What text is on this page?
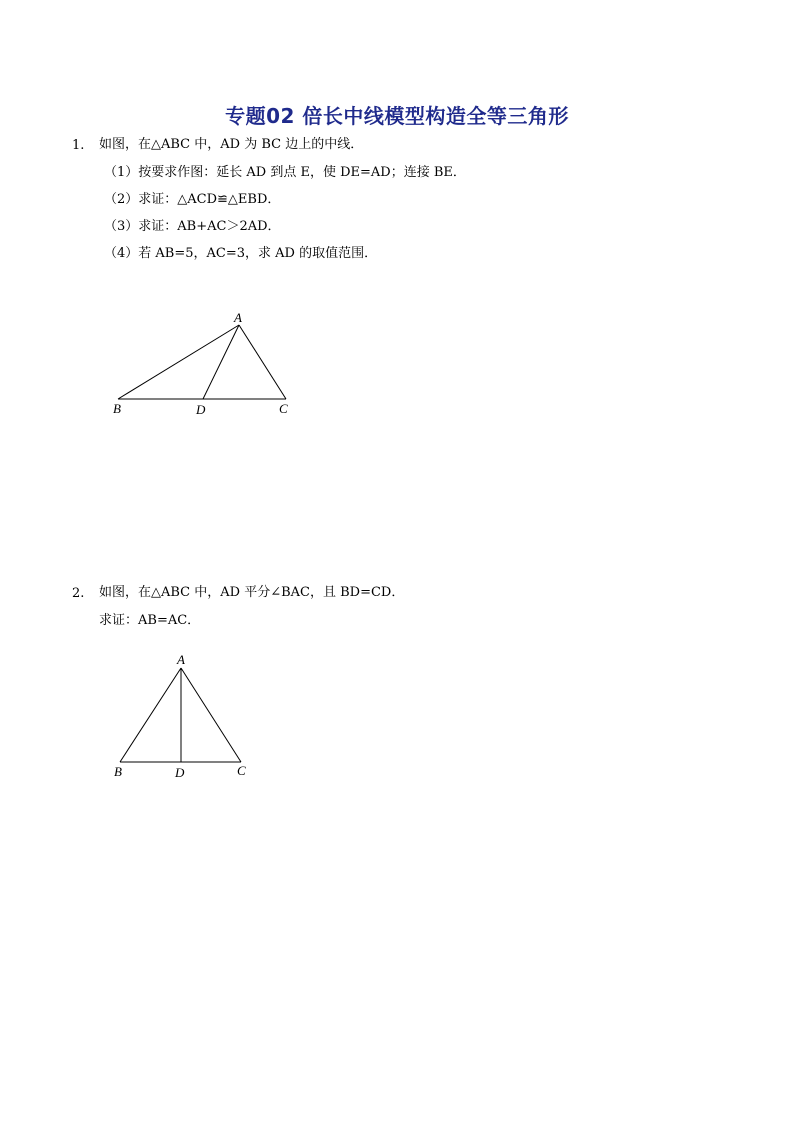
专题02 倍长中线模型构造全等三角形
1. 如图，在△ABC 中，AD 为 BC 边上的中线．
（1）按要求作图：延长 AD 到点 E，使 DE=AD；连接 BE．
（2）求证：△ACD≌△EBD．
（3）求证：AB+AC＞2AD．
（4）若 AB=5，AC=3，求 AD 的取值范围．
A
B	D	C
2. 如图，在△ABC 中，AD 平分∠BAC，且 BD=CD．
求证：AB=AC．
A
B	D	C
